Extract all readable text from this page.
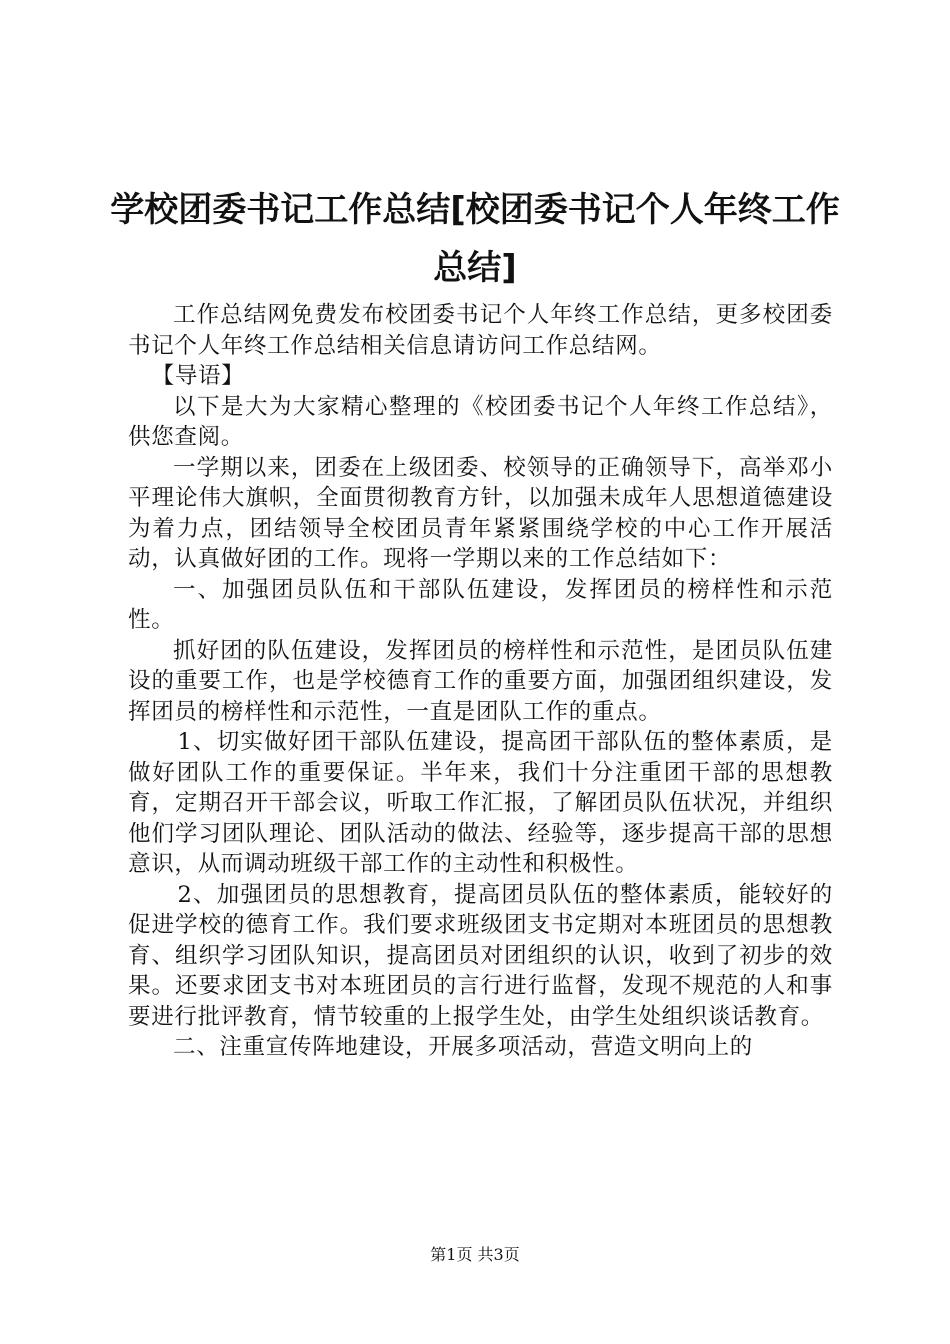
学校团委书记工作总结[校团委书记个人年终工作总结]

工作总结网免费发布校团委书记个人年终工作总结，更多校团委书记个人年终工作总结相关信息请访问工作总结网。

【导语】

以下是大为大家精心整理的《校团委书记个人年终工作总结》，供您查阅。

一学期以来，团委在上级团委、校领导的正确领导下，高举邓小平理论伟大旗帜，全面贯彻教育方针，以加强未成年人思想道德建设为着力点，团结领导全校团员青年紧紧围绕学校的中心工作开展活动，认真做好团的工作。现将一学期以来的工作总结如下：

一、加强团员队伍和干部队伍建设，发挥团员的榜样性和示范性。

抓好团的队伍建设，发挥团员的榜样性和示范性，是团员队伍建设的重要工作，也是学校德育工作的重要方面，加强团组织建设，发挥团员的榜样性和示范性，一直是团队工作的重点。

1、切实做好团干部队伍建设，提高团干部队伍的整体素质，是做好团队工作的重要保证。半年来，我们十分注重团干部的思想教育，定期召开干部会议，听取工作汇报，了解团员队伍状况，并组织他们学习团队理论、团队活动的做法、经验等，逐步提高干部的思想意识，从而调动班级干部工作的主动性和积极性。

2、加强团员的思想教育，提高团员队伍的整体素质，能较好的促进学校的德育工作。我们要求班级团支书定期对本班团员的思想教育、组织学习团队知识，提高团员对团组织的认识，收到了初步的效果。还要求团支书对本班团员的言行进行监督，发现不规范的人和事要进行批评教育，情节较重的上报学生处，由学生处组织谈话教育。

二、注重宣传阵地建设，开展多项活动，营造文明向上的

第1页 共3页
